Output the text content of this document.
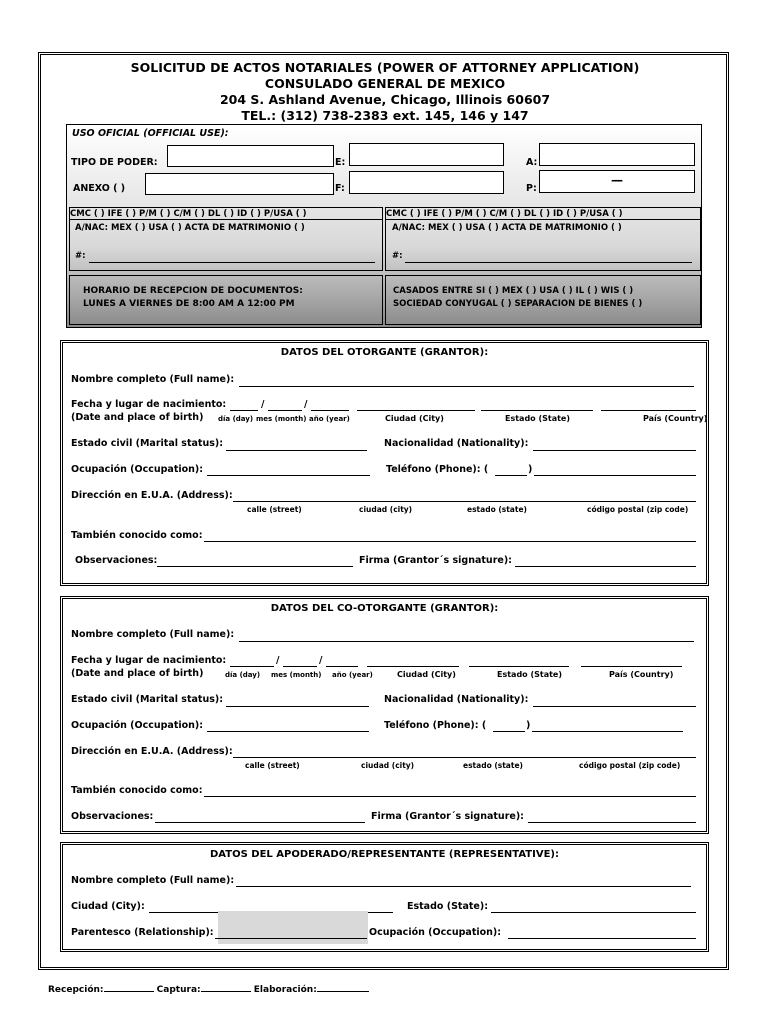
SOLICITUD DE ACTOS NOTARIALES (POWER OF ATTORNEY APPLICATION)
CONSULADO GENERAL DE MEXICO
204 S. Ashland Avenue, Chicago, Illinois 60607
TEL.: (312) 738-2383 ext. 145, 146 y 147
USO OFICIAL (OFFICIAL USE):
TIPO DE PODER:	E:	A:
ANEXO ( )	F:	P:
—
CMC ( ) IFE ( ) P/M ( ) C/M ( ) DL ( ) ID ( ) P/USA ( )	CMC ( ) IFE ( ) P/M ( ) C/M ( ) DL ( ) ID ( ) P/USA ( )
A/NAC: MEX ( ) USA ( ) ACTA DE MATRIMONIO ( )	A/NAC: MEX ( ) USA ( ) ACTA DE MATRIMONIO ( )
#:	#:
HORARIO DE RECEPCION DE DOCUMENTOS:
LUNES A VIERNES DE 8:00 AM A 12:00 PM
CASADOS ENTRE SI ( ) MEX ( ) USA ( ) IL ( ) WIS ( )
SOCIEDAD CONYUGAL ( ) SEPARACION DE BIENES ( )
DATOS DEL OTORGANTE (GRANTOR):
Nombre completo (Full name):
Fecha y lugar de nacimiento:	/	/
(Date and place of birth) día (day) mes (month) año (year)	Ciudad (City)	Estado (State)	País (Country)
Estado civil (Marital status):	Nacionalidad (Nationality):
Ocupación (Occupation):	Teléfono (Phone): (	)
Dirección en E.U.A. (Address):
calle (street)	ciudad (city)	estado (state)	código postal (zip code)
También conocido como:
Observaciones:	Firma (Grantor´s signature):
DATOS DEL CO-OTORGANTE (GRANTOR):
Nombre completo (Full name):
Fecha y lugar de nacimiento:	/	/
(Date and place of birth)	día (day) mes (month) año (year)	Ciudad (City)	Estado (State)	País (Country)
Estado civil (Marital status):	Nacionalidad (Nationality):
Ocupación (Occupation):	Teléfono (Phone): (	)
Dirección en E.U.A. (Address):
calle (street)	ciudad (city)	estado (state)	código postal (zip code)
También conocido como:
Observaciones:	Firma (Grantor´s signature):
DATOS DEL APODERADO/REPRESENTANTE (REPRESENTATIVE):
Nombre completo (Full name):
Ciudad (City):	Estado (State):
Parentesco (Relationship):	Ocupación (Occupation):
Recepción:	Captura:	Elaboración:
